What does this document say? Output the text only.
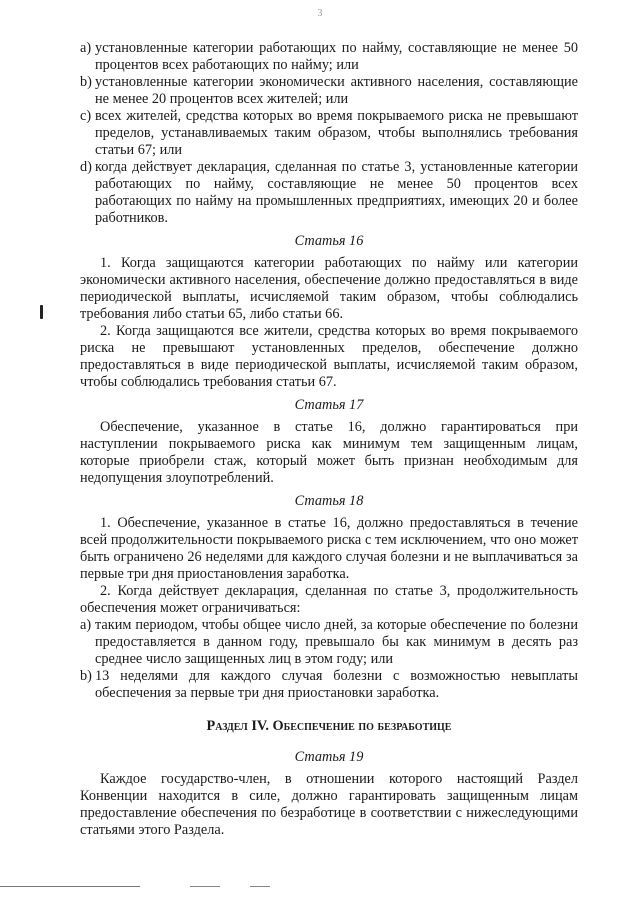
3
a) установленные категории работающих по найму, составляющие не менее 50 процентов всех работающих по найму; или
b) установленные категории экономически активного населения, составляющие не менее 20 процентов всех жителей; или
c) всех жителей, средства которых во время покрываемого риска не превышают пределов, устанавливаемых таким образом, чтобы выполнялись требования статьи 67; или
d) когда действует декларация, сделанная по статье 3, установленные категории работающих по найму, составляющие не менее 50 процентов всех работающих по найму на промышленных предприятиях, имеющих 20 и более работников.
Статья 16
1. Когда защищаются категории работающих по найму или категории экономически активного населения, обеспечение должно предоставляться в виде периодической выплаты, исчисляемой таким образом, чтобы соблюдались требования либо статьи 65, либо статьи 66.
2. Когда защищаются все жители, средства которых во время покрываемого риска не превышают установленных пределов, обеспечение должно предоставляться в виде периодической выплаты, исчисляемой таким образом, чтобы соблюдались требования статьи 67.
Статья 17
Обеспечение, указанное в статье 16, должно гарантироваться при наступлении покрываемого риска как минимум тем защищенным лицам, которые приобрели стаж, который может быть признан необходимым для недопущения злоупотреблений.
Статья 18
1. Обеспечение, указанное в статье 16, должно предоставляться в течение всей продолжительности покрываемого риска с тем исключением, что оно может быть ограничено 26 неделями для каждого случая болезни и не выплачиваться за первые три дня приостановления заработка.
2. Когда действует декларация, сделанная по статье 3, продолжительность обеспечения может ограничиваться:
a) таким периодом, чтобы общее число дней, за которые обеспечение по болезни предоставляется в данном году, превышало бы как минимум в десять раз среднее число защищенных лиц в этом году; или
b) 13 неделями для каждого случая болезни с возможностью невыплаты обеспечения за первые три дня приостановки заработка.
Раздел IV. Обеспечение по безработице
Статья 19
Каждое государство-член, в отношении которого настоящий Раздел Конвенции находится в силе, должно гарантировать защищенным лицам предоставление обеспечения по безработице в соответствии с нижеследующими статьями этого Раздела.
